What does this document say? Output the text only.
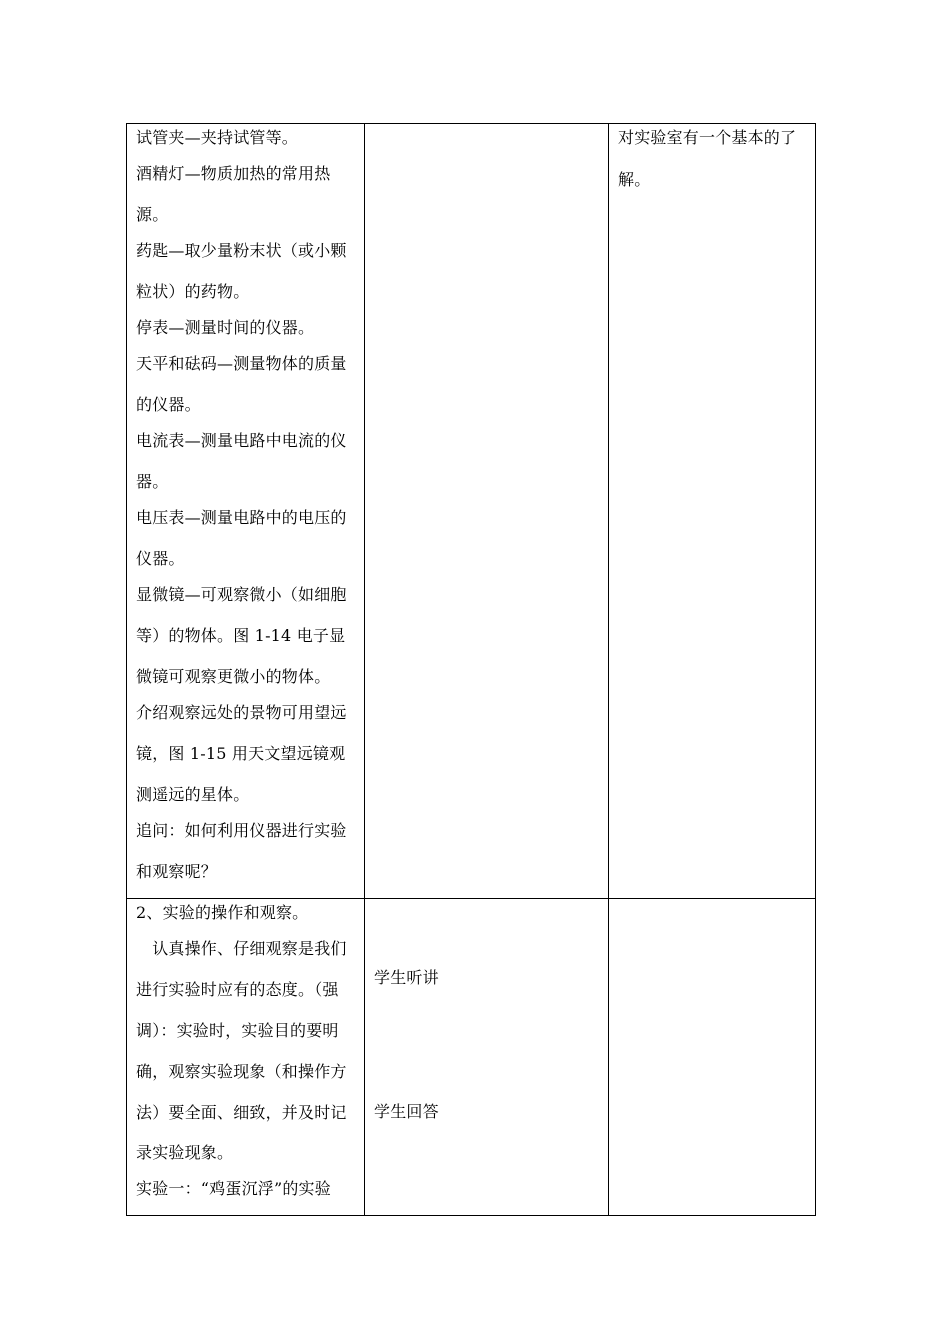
试管夹—夹持试管等。

酒精灯—物质加热的常用热

源。

药匙—取少量粉末状（或小颗

粒状）的药物。

停表—测量时间的仪器。

天平和砝码—测量物体的质量

的仪器。

电流表—测量电路中电流的仪

器。

电压表—测量电路中的电压的

仪器。

显微镜—可观察微小（如细胞

等）的物体。图 1-14 电子显

微镜可观察更微小的物体。

介绍观察远处的景物可用望远

镜，图 1-15 用天文望远镜观

测遥远的星体。

追问：如何利用仪器进行实验

和观察呢？

对实验室有一个基本的了

解。

2、实验的操作和观察。

　认真操作、仔细观察是我们

进行实验时应有的态度。（强

调）：实验时，实验目的要明

确，观察实验现象（和操作方

法）要全面、细致，并及时记

录实验现象。

实验一：“鸡蛋沉浮”的实验

学生听讲

学生回答
